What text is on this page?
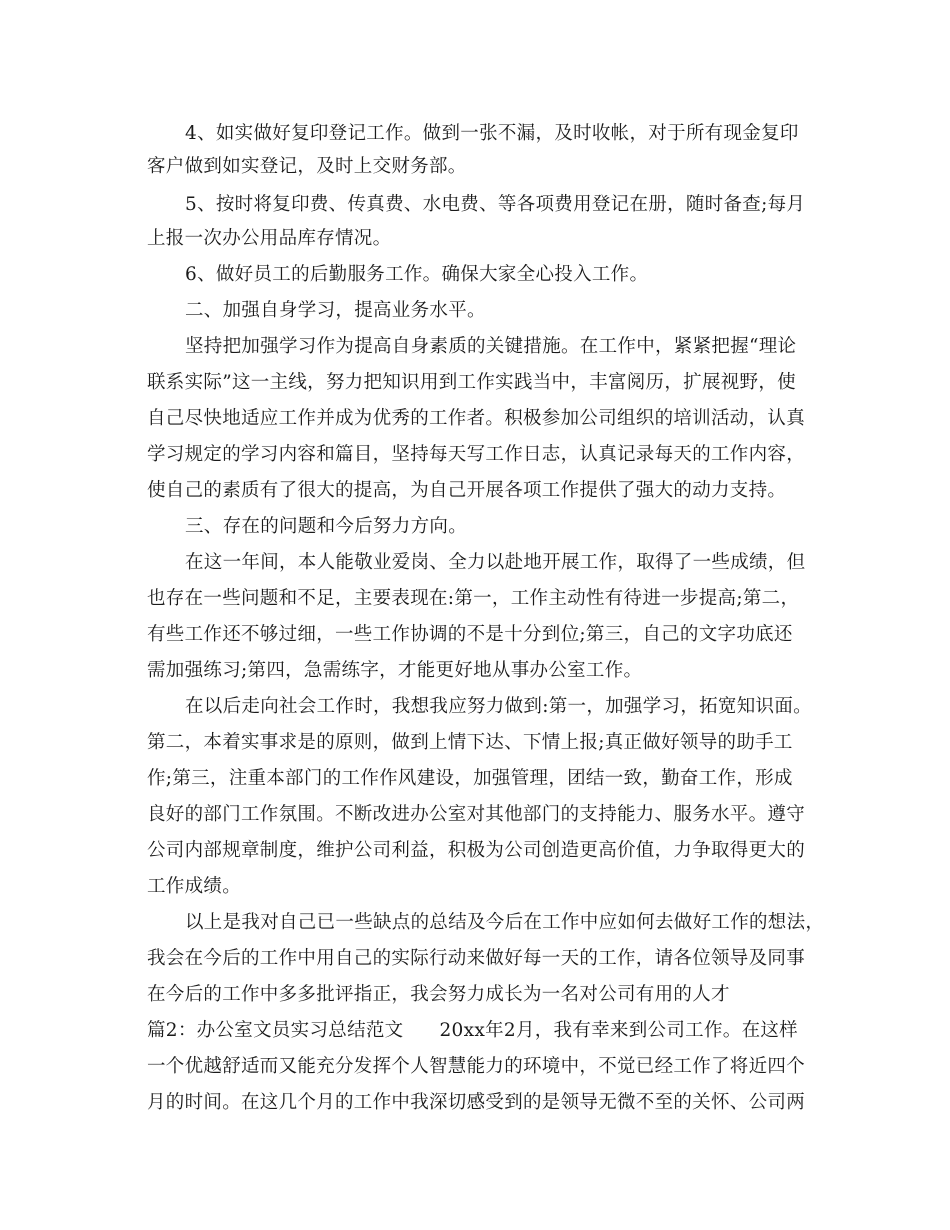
4、如实做好复印登记工作。做到一张不漏，及时收帐，对于所有现金复印
客户做到如实登记，及时上交财务部。
5、按时将复印费、传真费、水电费、等各项费用登记在册，随时备查;每月
上报一次办公用品库存情况。
6、做好员工的后勤服务工作。确保大家全心投入工作。
二、加强自身学习，提高业务水平。
坚持把加强学习作为提高自身素质的关键措施。在工作中，紧紧把握“理论
联系实际”这一主线，努力把知识用到工作实践当中，丰富阅历，扩展视野，使
自己尽快地适应工作并成为优秀的工作者。积极参加公司组织的培训活动，认真
学习规定的学习内容和篇目，坚持每天写工作日志，认真记录每天的工作内容，
使自己的素质有了很大的提高，为自己开展各项工作提供了强大的动力支持。
三、存在的问题和今后努力方向。
在这一年间，本人能敬业爱岗、全力以赴地开展工作，取得了一些成绩，但
也存在一些问题和不足，主要表现在:第一，工作主动性有待进一步提高;第二，
有些工作还不够过细，一些工作协调的不是十分到位;第三，自己的文字功底还
需加强练习;第四，急需练字，才能更好地从事办公室工作。
在以后走向社会工作时，我想我应努力做到:第一，加强学习，拓宽知识面。
第二，本着实事求是的原则，做到上情下达、下情上报;真正做好领导的助手工
作;第三，注重本部门的工作作风建设，加强管理，团结一致，勤奋工作，形成
良好的部门工作氛围。不断改进办公室对其他部门的支持能力、服务水平。遵守
公司内部规章制度，维护公司利益，积极为公司创造更高价值，力争取得更大的
工作成绩。
以上是我对自己已一些缺点的总结及今后在工作中应如何去做好工作的想法，
我会在今后的工作中用自己的实际行动来做好每一天的工作，请各位领导及同事
在今后的工作中多多批评指正，我会努力成长为一名对公司有用的人才
篇2：办公室文员实习总结范文 20xx年2月，我有幸来到公司工作。在这样
一个优越舒适而又能充分发挥个人智慧能力的环境中，不觉已经工作了将近四个
月的时间。在这几个月的工作中我深切感受到的是领导无微不至的关怀、公司两
